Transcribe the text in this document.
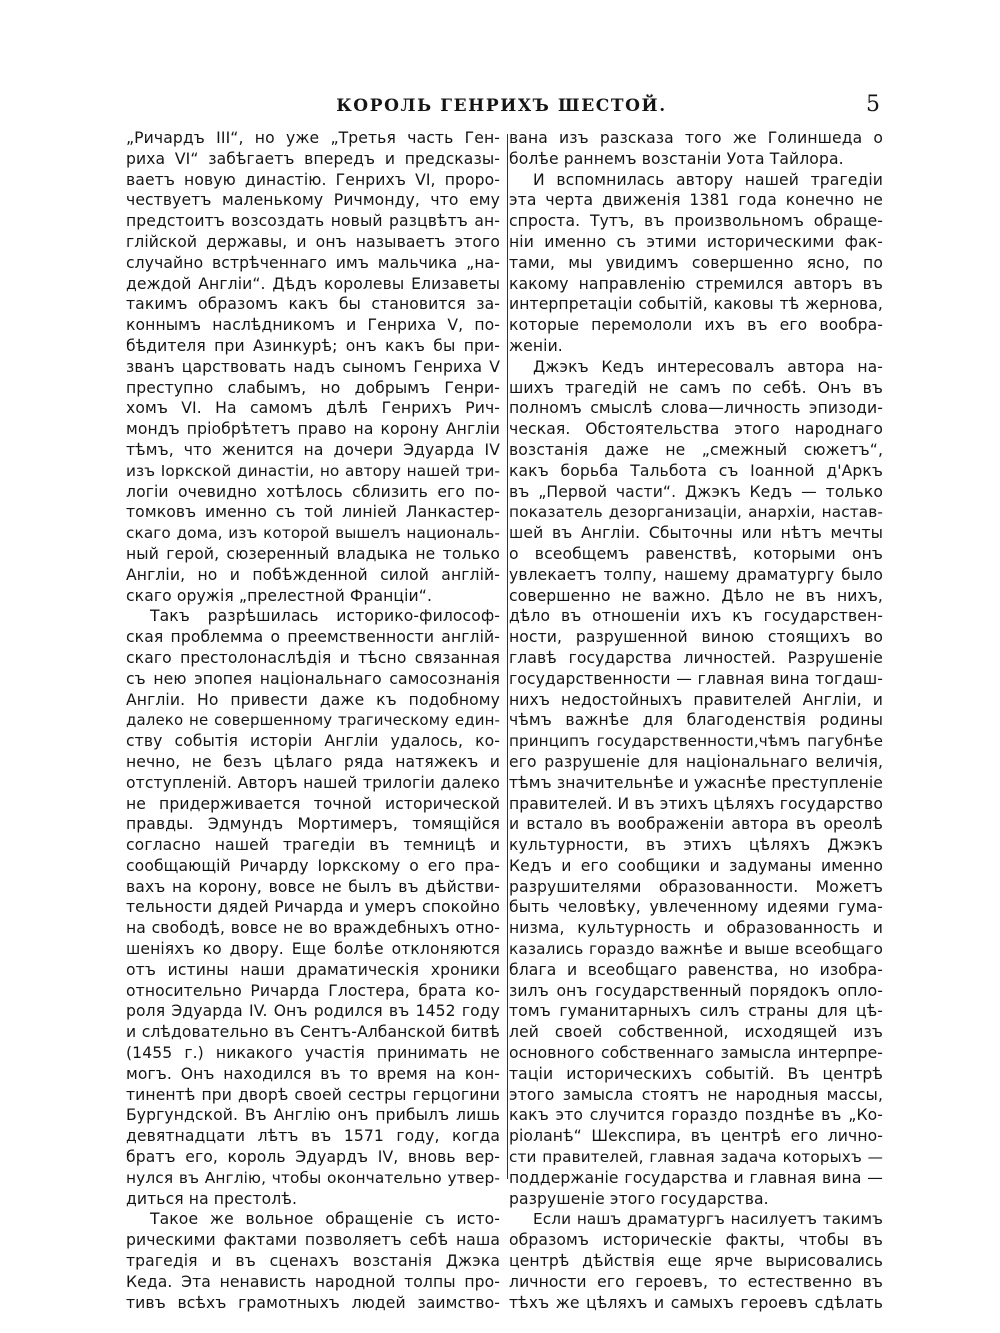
КОРОЛЬ ГЕНРИХЪ ШЕСТОЙ.	5
„Ричардъ III“, но уже „Третья часть Ген-
риха VI“ забѣгаетъ впередъ и предсказы-
ваетъ новую династію. Генрихъ VI, проро-
чествуетъ маленькому Ричмонду, что ему
предстоитъ возсоздать новый разцвѣтъ ан-
глійской державы, и онъ называетъ этого
случайно встрѣченнаго имъ мальчика „на-
деждой Англіи“. Дѣдъ королевы Елизаветы
такимъ образомъ какъ бы становится за-
коннымъ наслѣдникомъ и Генриха V, по-
бѣдителя при Азинкурѣ; онъ какъ бы при-
званъ царствовать надъ сыномъ Генриха V
преступно слабымъ, но добрымъ Генри-
хомъ VI. На самомъ дѣлѣ Генрихъ Рич-
мондъ пріобрѣтетъ право на корону Англіи
тѣмъ, что женится на дочери Эдуарда IV
изъ Іоркской династіи, но автору нашей три-
логіи очевидно хотѣлось сблизить его по-
томковъ именно съ той линіей Ланкастер-
скаго дома, изъ которой вышелъ националь-
ный герой, сюзеренный владыка не только
Англіи, но и побѣжденной силой англій-
скаго оружія „прелестной Франціи“.
Такъ разрѣшилась историко-философ-
ская проблемма о преемственности англій-
скаго престолонаслѣдія и тѣсно связанная
съ нею эпопея національнаго самосознанія
Англіи. Но привести даже къ подобному
далеко не совершенному трагическому един-
ству событія исторіи Англіи удалось, ко-
нечно, не безъ цѣлаго ряда натяжекъ и
отступленій. Авторъ нашей трилогіи далеко
не придерживается точной исторической
правды. Эдмундъ Мортимеръ, томящійся
согласно нашей трагедіи въ темницѣ и
сообщающій Ричарду Іоркскому о его пра-
вахъ на корону, вовсе не былъ въ дѣйстви-
тельности дядей Ричарда и умеръ спокойно
на свободѣ, вовсе не во враждебныхъ отно-
шеніяхъ ко двору. Еще болѣе отклоняются
отъ истины наши драматическія хроники
относительно Ричарда Глостера, брата ко-
роля Эдуарда IV. Онъ родился въ 1452 году
и слѣдовательно въ Сентъ-Албанской битвѣ
(1455 г.) никакого участія принимать не
могъ. Онъ находился въ то время на кон-
тинентѣ при дворѣ своей сестры герцогини
Бургундской. Въ Англію онъ прибылъ лишь
девятнадцати лѣтъ въ 1571 году, когда
братъ его, король Эдуардъ IV, вновь вер-
нулся въ Англію, чтобы окончательно утвер-
диться на престолѣ.
Такое же вольное обращеніе съ исто-
рическими фактами позволяетъ себѣ наша
трагедія и въ сценахъ возстанія Джэка
Кеда. Эта ненависть народной толпы про-
тивъ всѣхъ грамотныхъ людей заимство-
вана изъ разсказа того же Голиншеда о
болѣе раннемъ возстаніи Уота Тайлора.
И вспомнилась автору нашей трагедіи
эта черта движенія 1381 года конечно не
спроста. Тутъ, въ произвольномъ обраще-
ніи именно съ этими историческими фак-
тами, мы увидимъ совершенно ясно, по
какому направленію стремился авторъ въ
интерпретаціи событій, каковы тѣ жернова,
которые перемололи ихъ въ его вообра-
женіи.
Джэкъ Кедъ интересовалъ автора на-
шихъ трагедій не самъ по себѣ. Онъ въ
полномъ смыслѣ слова—личность эпизоди-
ческая. Обстоятельства этого народнаго
возстанія даже не „смежный сюжетъ“,
какъ борьба Тальбота съ Іоанной д'Аркъ
въ „Первой части“. Джэкъ Кедъ — только
показатель дезорганизаціи, анархіи, настав-
шей въ Англіи. Сбыточны или нѣтъ мечты
о всеобщемъ равенствѣ, которыми онъ
увлекаетъ толпу, нашему драматургу было
совершенно не важно. Дѣло не въ нихъ,
дѣло въ отношеніи ихъ къ государствен-
ности, разрушенной виною стоящихъ во
главѣ государства личностей. Разрушеніе
государственности — главная вина тогдаш-
нихъ недостойныхъ правителей Англіи, и
чѣмъ важнѣе для благоденствія родины
принципъ государственности,чѣмъ пагубнѣе
его разрушеніе для національнаго величія,
тѣмъ значительнѣе и ужаснѣе преступленіе
правителей. И въ этихъ цѣляхъ государство
и встало въ воображеніи автора въ ореолѣ
культурности, въ этихъ цѣляхъ Джэкъ
Кедъ и его сообщики и задуманы именно
разрушителями образованности. Можетъ
быть человѣку, увлеченному идеями гума-
низма, культурность и образованность и
казались гораздо важнѣе и выше всеобщаго
блага и всеобщаго равенства, но изобра-
зилъ онъ государственный порядокъ опло-
томъ гуманитарныхъ силъ страны для цѣ-
лей своей собственной, исходящей изъ
основного собственнаго замысла интерпре-
таціи историческихъ событій. Въ центрѣ
этого замысла стоятъ не народныя массы,
какъ это случится гораздо позднѣе въ „Ко-
ріоланѣ“ Шекспира, въ центрѣ его лично-
сти правителей, главная задача которыхъ —
поддержаніе государства и главная вина —
разрушеніе этого государства.
Если нашъ драматургъ насилуетъ такимъ
образомъ историческіе факты, чтобы въ
центрѣ дѣйствія еще ярче вырисовались
личности его героевъ, то естественно въ
тѣхъ же цѣляхъ и самыхъ героевъ сдѣлать
